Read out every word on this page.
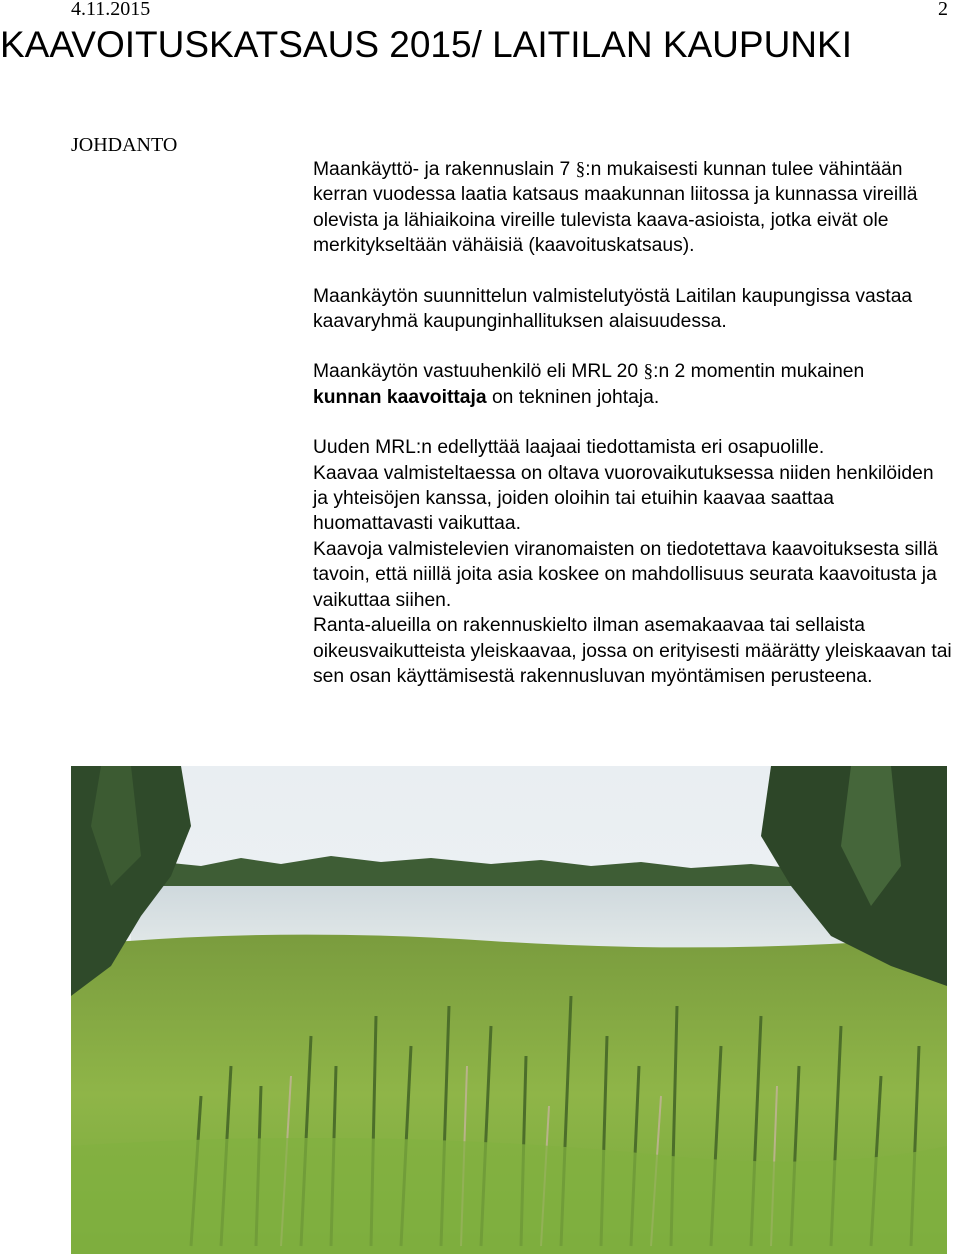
4.11.2015	2
KAAVOITUSKATSAUS 2015/ LAITILAN KAUPUNKI
JOHDANTO

Maankäyttö- ja rakennuslain 7 §:n mukaisesti kunnan tulee vähintään kerran vuodessa laatia katsaus maakunnan liitossa ja kunnassa vireillä olevista ja lähiaikoina vireille tulevista kaava-asioista, jotka eivät ole merkitykseltään vähäisiä (kaavoituskatsaus).

Maankäytön suunnittelun valmistelutyöstä Laitilan kaupungissa vastaa kaavaryhmä kaupunginhallituksen alaisuudessa.

Maankäytön vastuuhenkilö eli MRL 20 §:n 2 momentin mukainen
kunnan kaavoittaja on tekninen johtaja.

Uuden MRL:n edellyttää laajaai tiedottamista eri osapuolille.

Kaavaa valmisteltaessa on oltava vuorovaikutuksessa niiden henkilöiden ja yhteisöjen kanssa, joiden oloihin tai etuihin kaavaa saattaa huomattavasti vaikuttaa.

Kaavoja valmistelevien viranomaisten on tiedotettava kaavoituksesta sillä tavoin, että niillä joita asia koskee on mahdollisuus seurata kaavoitusta ja vaikuttaa siihen.

Ranta-alueilla on rakennuskielto ilman asemakaavaa tai sellaista oikeusvaikutteista yleiskaavaa, jossa on erityisesti määrätty yleiskaavan tai sen osan käyttämisestä rakennusluvan myöntämisen perusteena.
